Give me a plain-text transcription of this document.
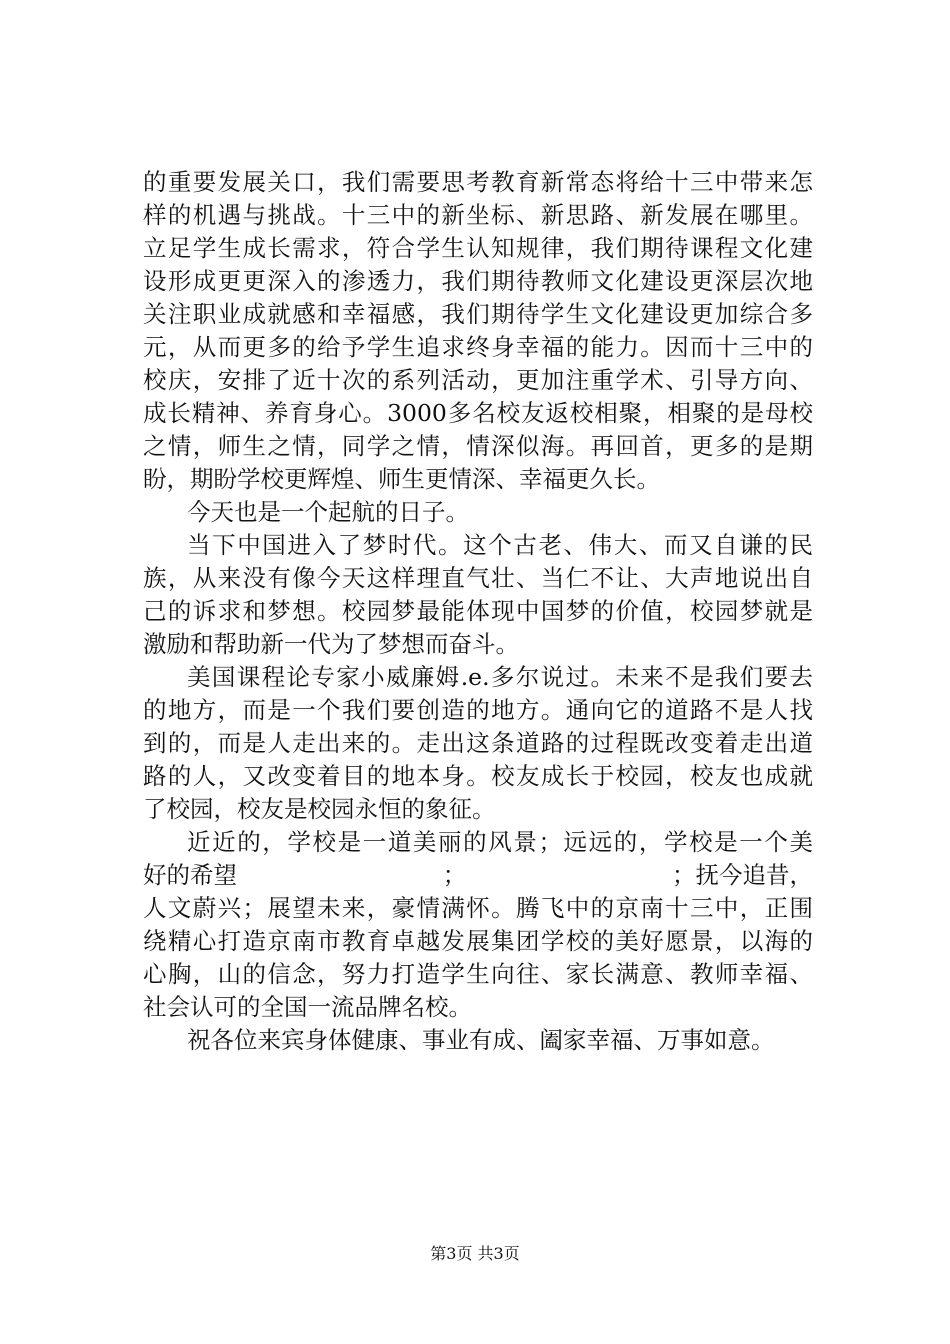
的重要发展关口，我们需要思考教育新常态将给十三中带来怎
样的机遇与挑战。十三中的新坐标、新思路、新发展在哪里。
立足学生成长需求，符合学生认知规律，我们期待课程文化建
设形成更更深入的渗透力，我们期待教师文化建设更深层次地
关注职业成就感和幸福感，我们期待学生文化建设更加综合多
元，从而更多的给予学生追求终身幸福的能力。因而十三中的
校庆，安排了近十次的系列活动，更加注重学术、引导方向、
成长精神、养育身心。3000多名校友返校相聚，相聚的是母校
之情，师生之情，同学之情，情深似海。再回首，更多的是期
盼，期盼学校更辉煌、师生更情深、幸福更久长。
今天也是一个起航的日子。
当下中国进入了梦时代。这个古老、伟大、而又自谦的民
族，从来没有像今天这样理直气壮、当仁不让、大声地说出自
己的诉求和梦想。校园梦最能体现中国梦的价值，校园梦就是
激励和帮助新一代为了梦想而奋斗。
美国课程论专家小威廉姆.e.多尔说过。未来不是我们要去
的地方，而是一个我们要创造的地方。通向它的道路不是人找
到的，而是人走出来的。走出这条道路的过程既改变着走出道
路的人，又改变着目的地本身。校友成长于校园，校友也成就
了校园，校友是校园永恒的象征。
近近的，学校是一道美丽的风景；远远的，学校是一个美
好的希望	；	；抚今追昔，
人文蔚兴；展望未来，豪情满怀。腾飞中的京南十三中，正围
绕精心打造京南市教育卓越发展集团学校的美好愿景，以海的
心胸，山的信念，努力打造学生向往、家长满意、教师幸福、
社会认可的全国一流品牌名校。
祝各位来宾身体健康、事业有成、阖家幸福、万事如意。
第3页 共3页
